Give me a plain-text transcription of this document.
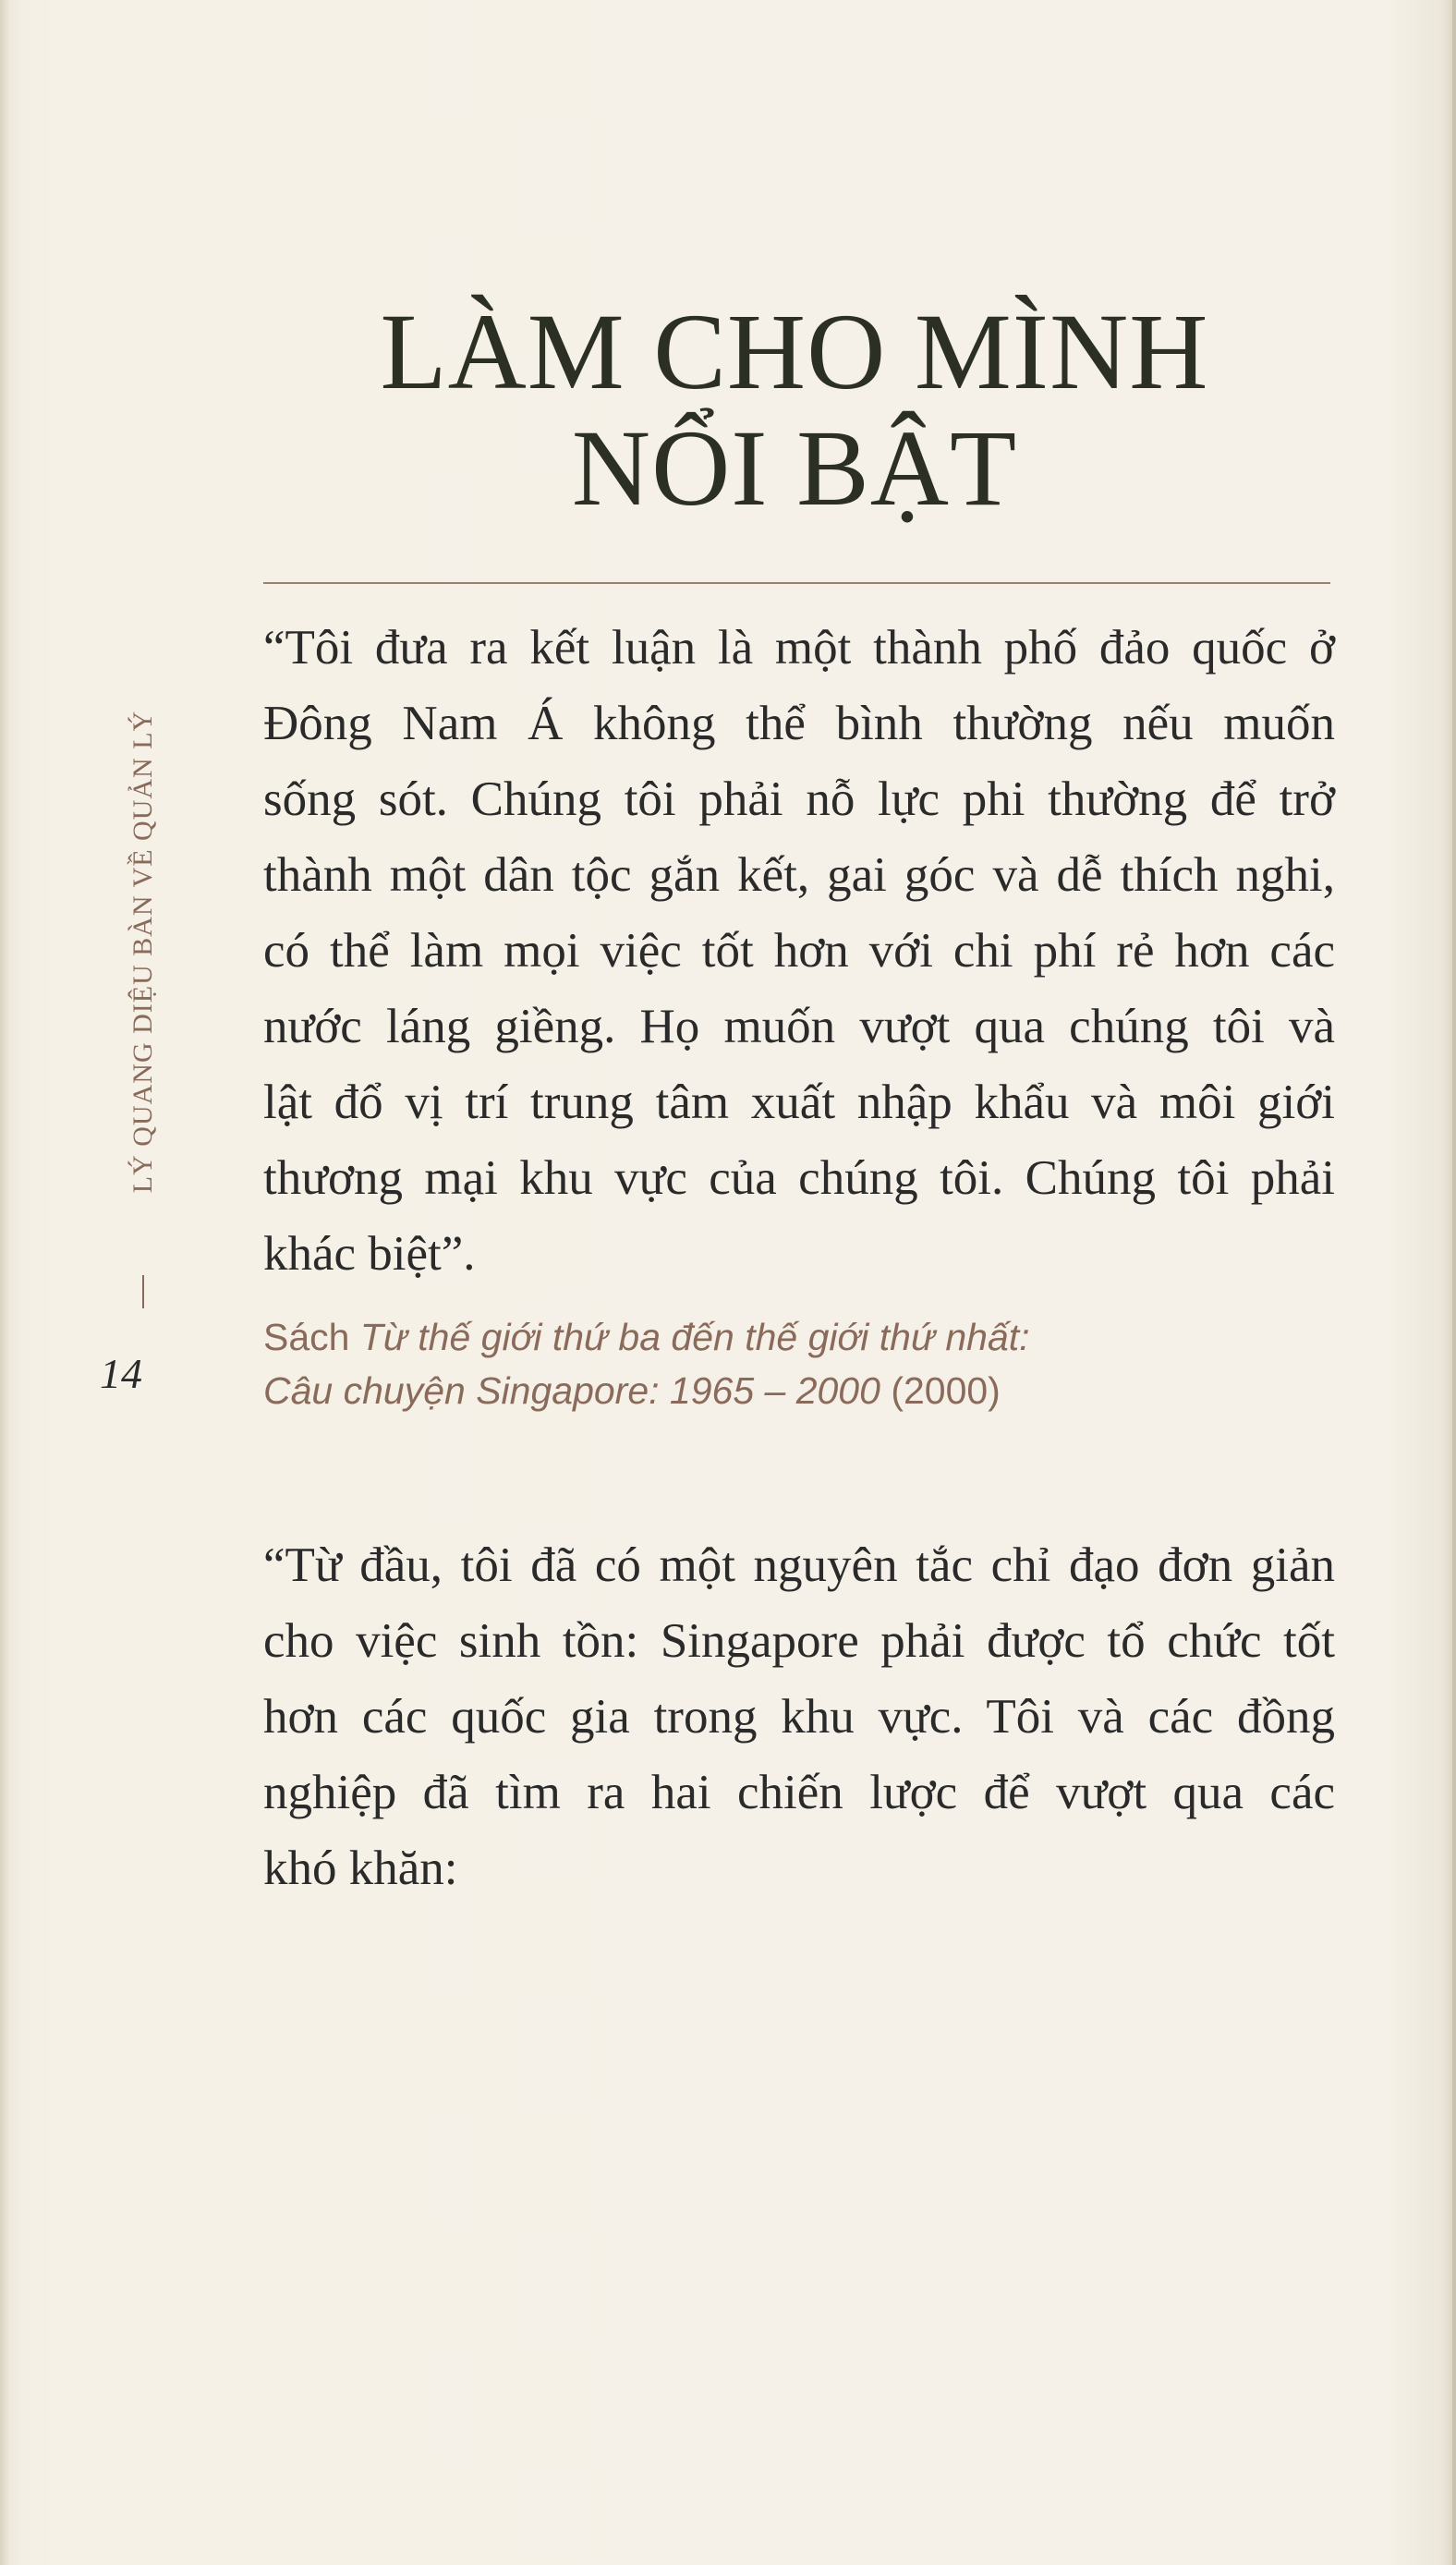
LÀM CHO MÌNH
NỔI BẬT
LÝ QUANG DIỆU BÀN VỀ QUẢN LÝ
14
“Tôi đưa ra kết luận là một thành phố đảo quốc ở
Đông Nam Á không thể bình thường nếu muốn
sống sót. Chúng tôi phải nỗ lực phi thường để trở
thành một dân tộc gắn kết, gai góc và dễ thích nghi,
có thể làm mọi việc tốt hơn với chi phí rẻ hơn các
nước láng giềng. Họ muốn vượt qua chúng tôi và
lật đổ vị trí trung tâm xuất nhập khẩu và môi giới
thương mại khu vực của chúng tôi. Chúng tôi phải
khác biệt”.
Sách Từ thế giới thứ ba đến thế giới thứ nhất:
Câu chuyện Singapore: 1965 – 2000 (2000)
“Từ đầu, tôi đã có một nguyên tắc chỉ đạo đơn giản
cho việc sinh tồn: Singapore phải được tổ chức tốt
hơn các quốc gia trong khu vực. Tôi và các đồng
nghiệp đã tìm ra hai chiến lược để vượt qua các
khó khăn:
